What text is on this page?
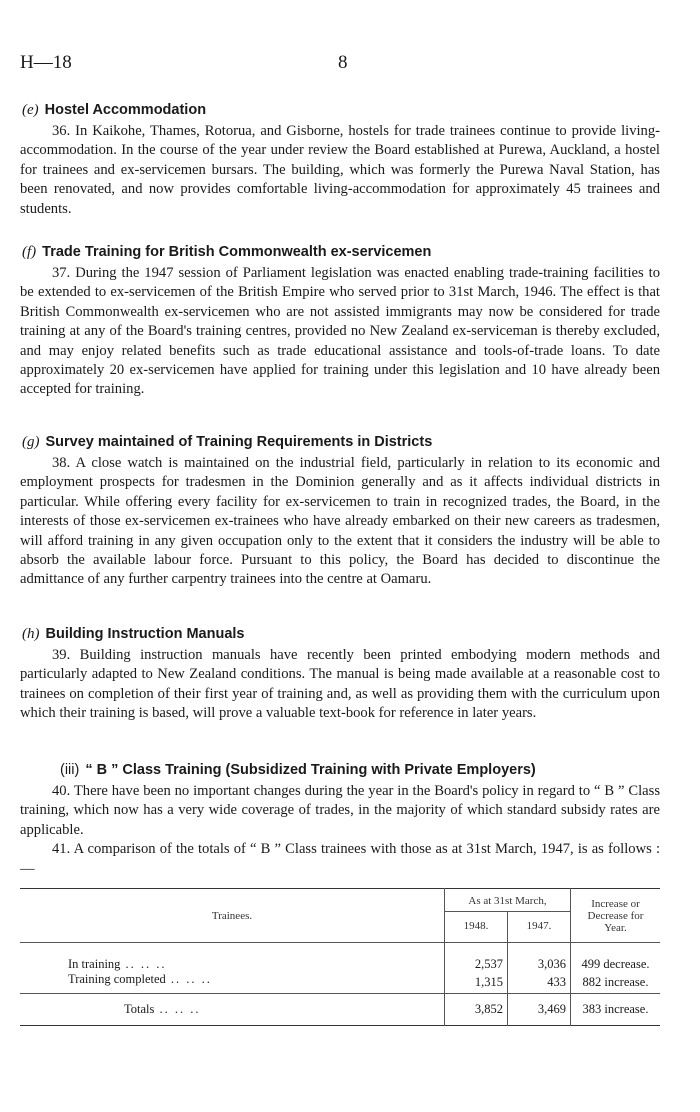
H—18	8

(e) Hostel Accommodation

36. In Kaikohe, Thames, Rotorua, and Gisborne, hostels for trade trainees continue to provide living-accommodation. In the course of the year under review the Board established at Purewa, Auckland, a hostel for trainees and ex-servicemen bursars. The building, which was formerly the Purewa Naval Station, has been renovated, and now provides comfortable living-accommodation for approximately 45 trainees and students.

(f) Trade Training for British Commonwealth ex-servicemen

37. During the 1947 session of Parliament legislation was enacted enabling trade-training facilities to be extended to ex-servicemen of the British Empire who served prior to 31st March, 1946. The effect is that British Commonwealth ex-servicemen who are not assisted immigrants may now be considered for trade training at any of the Board's training centres, provided no New Zealand ex-serviceman is thereby excluded, and may enjoy related benefits such as trade educational assistance and tools-of-trade loans. To date approximately 20 ex-servicemen have applied for training under this legislation and 10 have already been accepted for training.

(g) Survey maintained of Training Requirements in Districts

38. A close watch is maintained on the industrial field, particularly in relation to its economic and employment prospects for tradesmen in the Dominion generally and as it affects individual districts in particular. While offering every facility for ex-servicemen to train in recognized trades, the Board, in the interests of those ex-servicemen ex-trainees who have already embarked on their new careers as tradesmen, will afford training in any given occupation only to the extent that it considers the industry will be able to absorb the available labour force. Pursuant to this policy, the Board has decided to discontinue the admittance of any further carpentry trainees into the centre at Oamaru.

(h) Building Instruction Manuals

39. Building instruction manuals have recently been printed embodying modern methods and particularly adapted to New Zealand conditions. The manual is being made available at a reasonable cost to trainees on completion of their first year of training and, as well as providing them with the curriculum upon which their training is based, will prove a valuable text-book for reference in later years.

(iii) “ B ” Class Training (Subsidized Training with Private Employers)

40. There have been no important changes during the year in the Board's policy in regard to “ B ” Class training, which now has a very wide coverage of trades, in the majority of which standard subsidy rates are applicable.

41. A comparison of the totals of “ B ” Class trainees with those as at 31st March, 1947, is as follows :—

Trainees.	As at 31st March,		Increase or Decrease for Year.
	1948.	1947.	

In training .. .. ..	2,537	3,036	499 decrease.
Training completed .. .. ..	1,315	433	882 increase.
Totals .. .. ..	3,852	3,469	383 increase.
